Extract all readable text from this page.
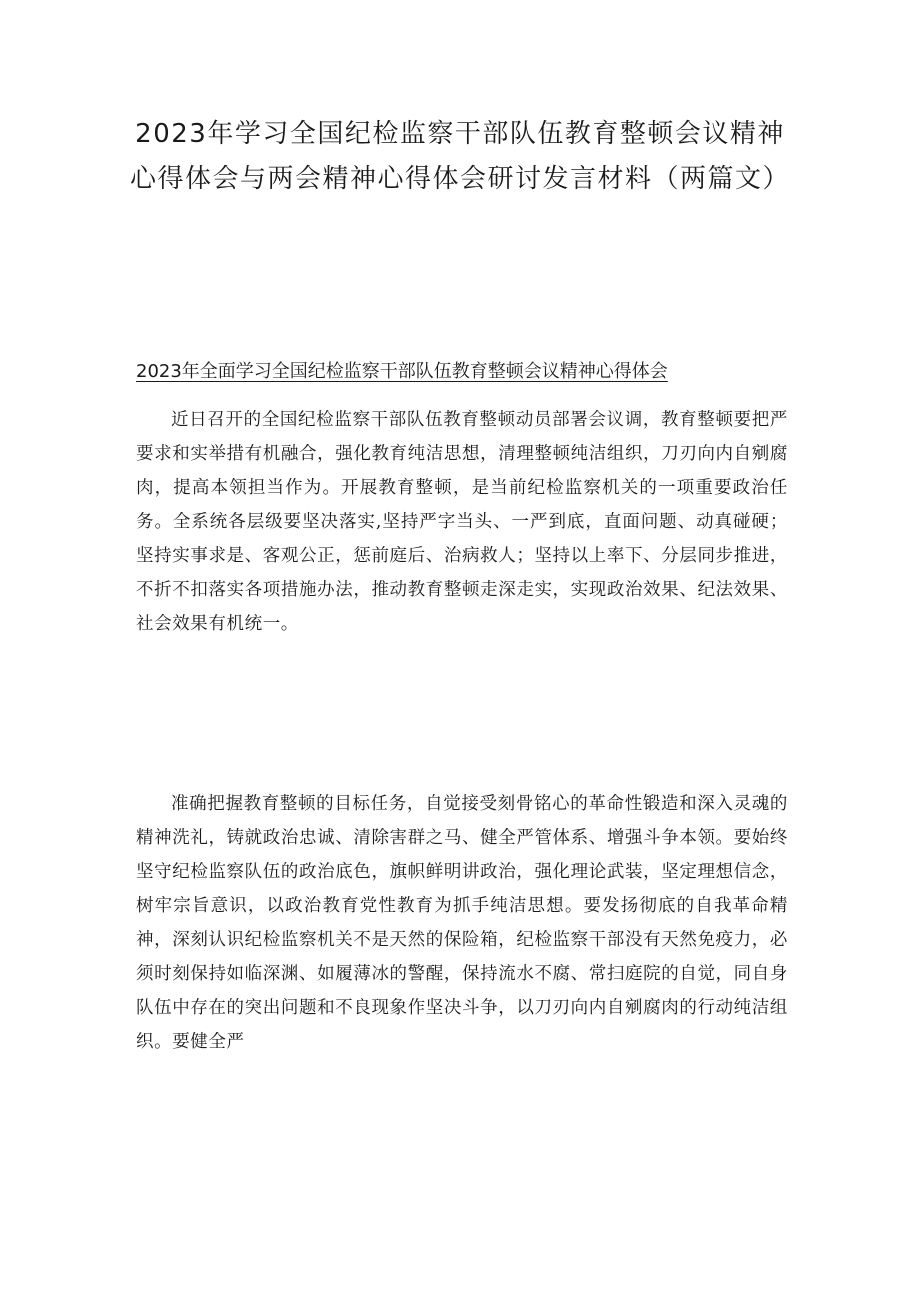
2023年学习全国纪检监察干部队伍教育整顿会议精神心得体会与两会精神心得体会研讨发言材料（两篇文）
2023年全面学习全国纪检监察干部队伍教育整顿会议精神心得体会

近日召开的全国纪检监察干部队伍教育整顿动员部署会议调，教育整顿要把严要求和实举措有机融合，强化教育纯洁思想，清理整顿纯洁组织，刀刃向内自剜腐肉，提高本领担当作为。开展教育整顿，是当前纪检监察机关的一项重要政治任务。全系统各层级要坚决落实,坚持严字当头、一严到底，直面问题、动真碰硬；坚持实事求是、客观公正，惩前庭后、治病救人；坚持以上率下、分层同步推进，不折不扣落实各项措施办法，推动教育整顿走深走实，实现政治效果、纪法效果、社会效果有机统一。

准确把握教育整顿的目标任务，自觉接受刻骨铭心的革命性锻造和深入灵魂的精神洗礼，铸就政治忠诚、清除害群之马、健全严管体系、增强斗争本领。要始终坚守纪检监察队伍的政治底色，旗帜鲜明讲政治，强化理论武装，坚定理想信念，树牢宗旨意识，以政治教育党性教育为抓手纯洁思想。要发扬彻底的自我革命精神，深刻认识纪检监察机关不是天然的保险箱，纪检监察干部没有天然免疫力，必须时刻保持如临深渊、如履薄冰的警醒，保持流水不腐、常扫庭院的自觉，同自身队伍中存在的突出问题和不良现象作坚决斗争，以刀刃向内自剜腐肉的行动纯洁组织。要健全严
